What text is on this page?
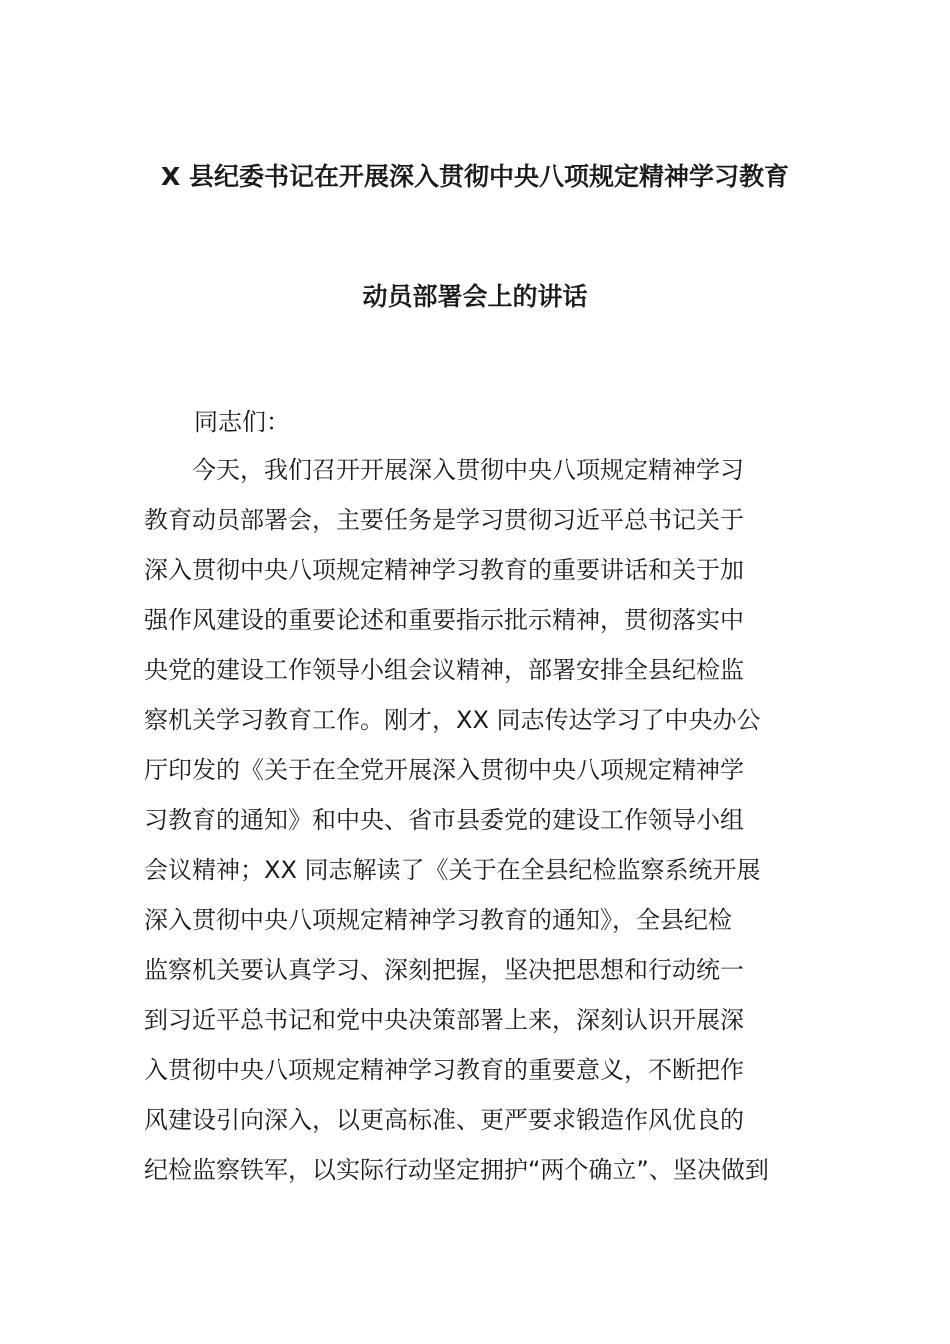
X 县纪委书记在开展深入贯彻中央八项规定精神学习教育
动员部署会上的讲话
同志们：
　　今天，我们召开开展深入贯彻中央八项规定精神学习
教育动员部署会，主要任务是学习贯彻习近平总书记关于
深入贯彻中央八项规定精神学习教育的重要讲话和关于加
强作风建设的重要论述和重要指示批示精神，贯彻落实中
央党的建设工作领导小组会议精神，部署安排全县纪检监
察机关学习教育工作。刚才，XX 同志传达学习了中央办公
厅印发的《关于在全党开展深入贯彻中央八项规定精神学
习教育的通知》和中央、省市县委党的建设工作领导小组
会议精神；XX 同志解读了《关于在全县纪检监察系统开展
深入贯彻中央八项规定精神学习教育的通知》，全县纪检
监察机关要认真学习、深刻把握，坚决把思想和行动统一
到习近平总书记和党中央决策部署上来，深刻认识开展深
入贯彻中央八项规定精神学习教育的重要意义，不断把作
风建设引向深入，以更高标准、更严要求锻造作风优良的
纪检监察铁军，以实际行动坚定拥护“两个确立”、坚决做到
